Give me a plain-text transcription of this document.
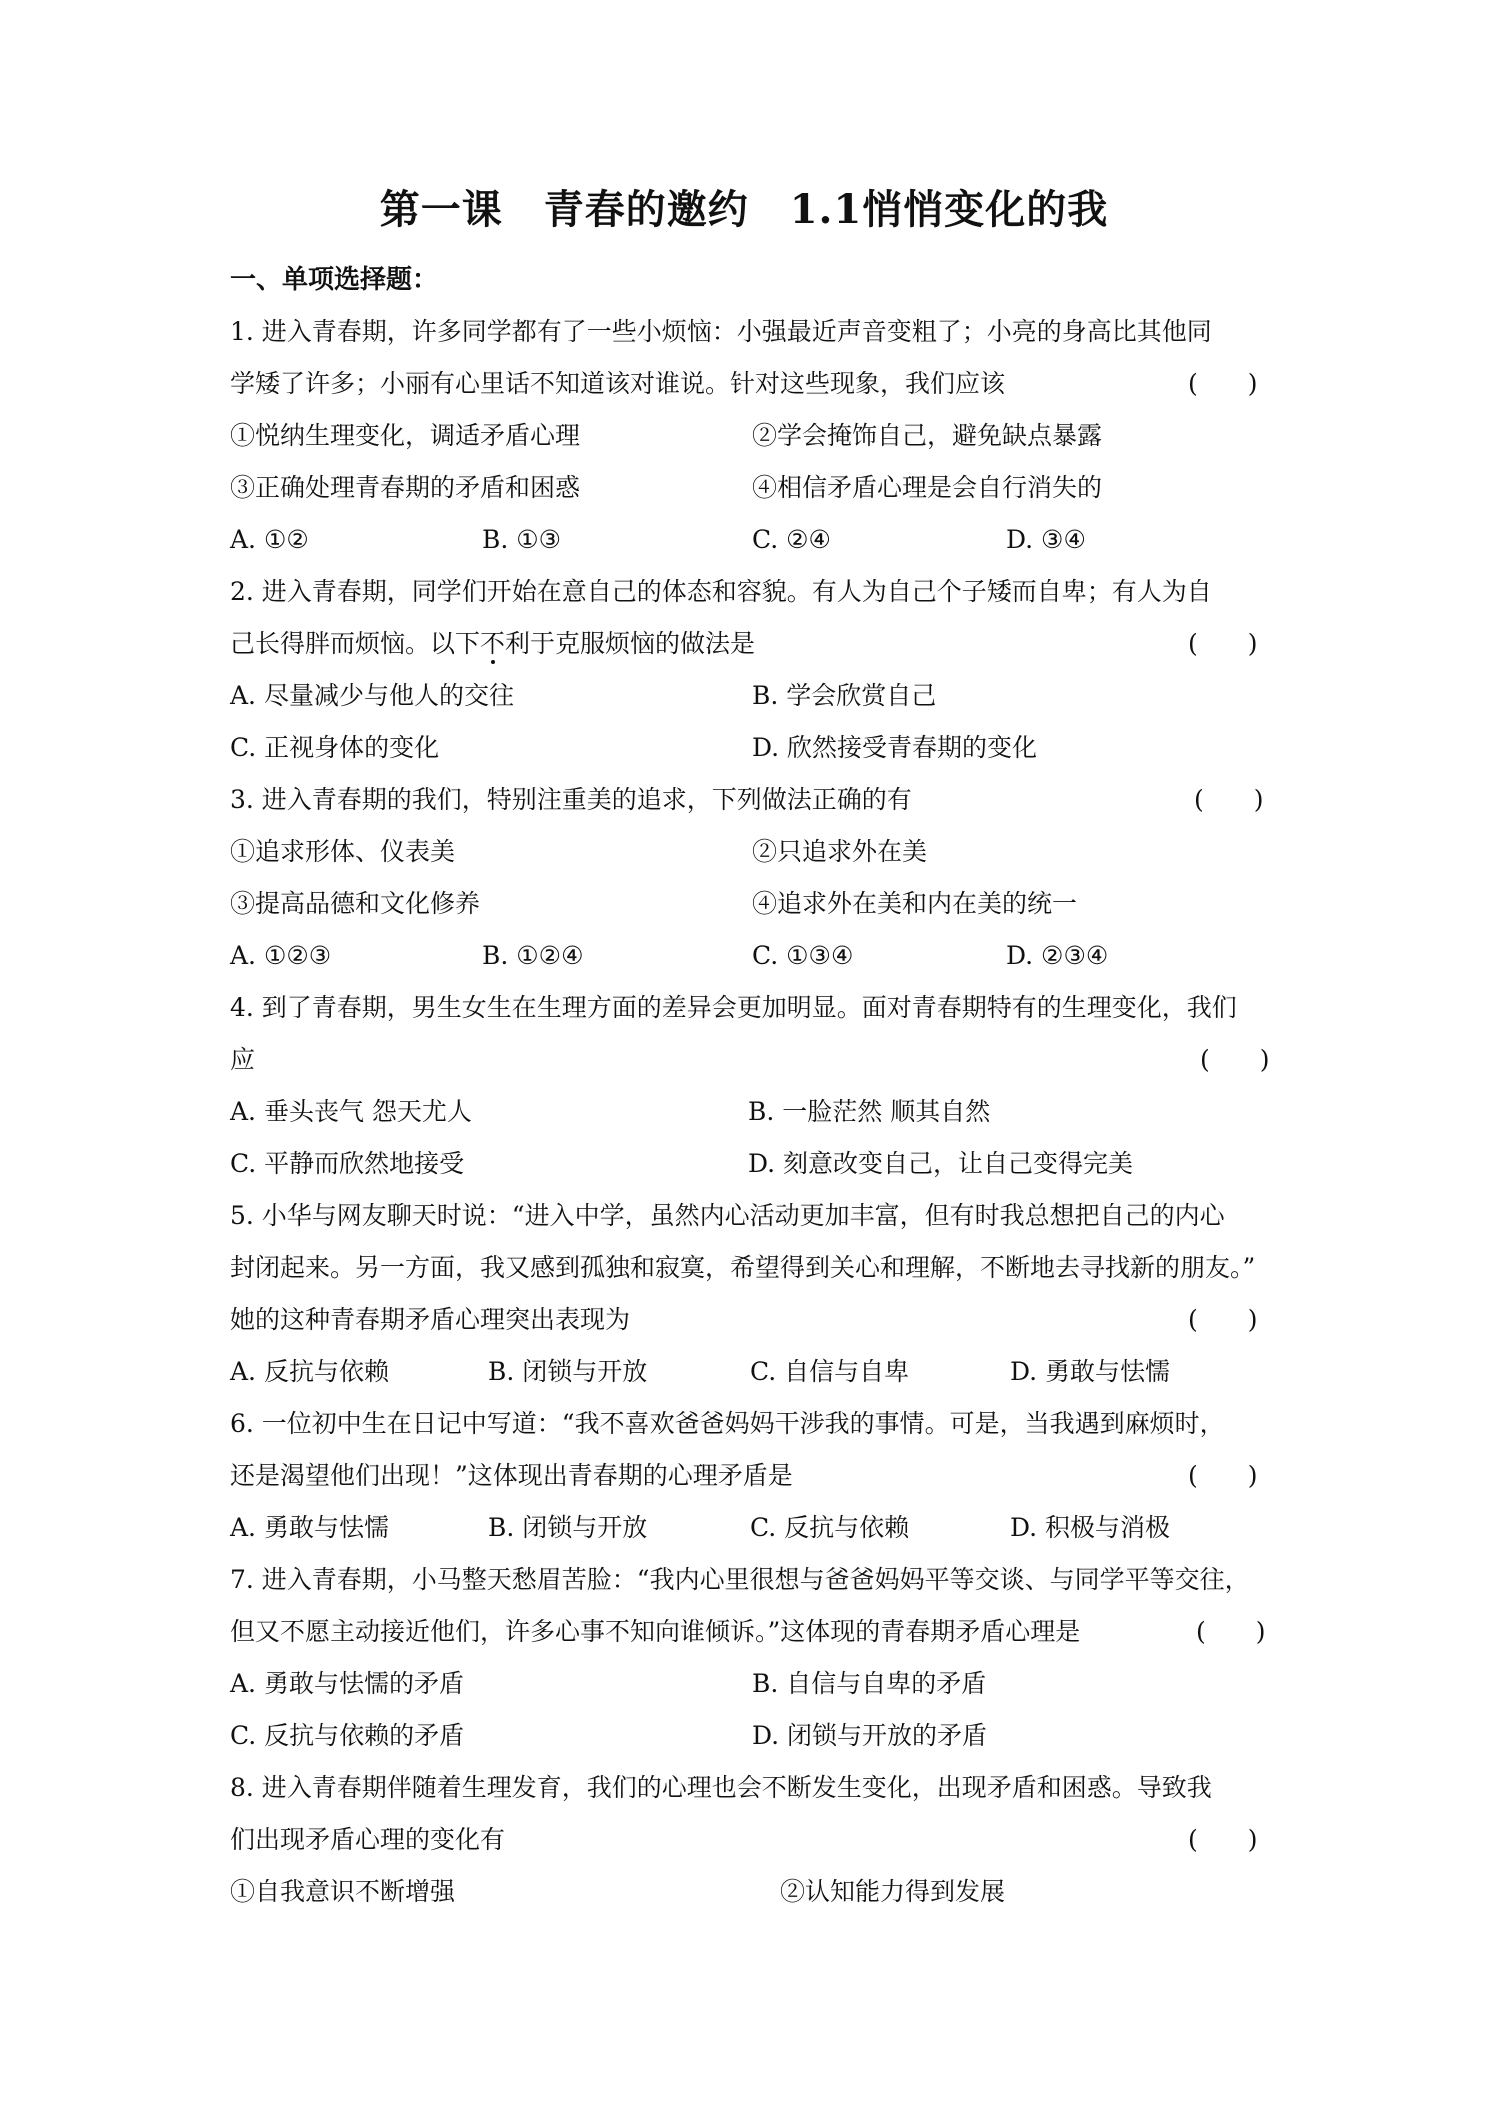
第一课　青春的邀约　1.1悄悄变化的我
一、单项选择题：
1. 进入青春期，许多同学都有了一些小烦恼：小强最近声音变粗了；小亮的身高比其他同
学矮了许多；小丽有心里话不知道该对谁说。针对这些现象，我们应该	(　　)
①悦纳生理变化，调适矛盾心理	②学会掩饰自己，避免缺点暴露
③正确处理青春期的矛盾和困惑	④相信矛盾心理是会自行消失的
A. ①②	B. ①③	C. ②④	D. ③④
2. 进入青春期，同学们开始在意自己的体态和容貌。有人为自己个子矮而自卑；有人为自
己长得胖而烦恼。以下不利于克服烦恼的做法是	(　　)
A. 尽量减少与他人的交往	B. 学会欣赏自己
C. 正视身体的变化	D. 欣然接受青春期的变化
3. 进入青春期的我们，特别注重美的追求，下列做法正确的有	(　　)
①追求形体、仪表美	②只追求外在美
③提高品德和文化修养	④追求外在美和内在美的统一
A. ①②③	B. ①②④	C. ①③④	D. ②③④
4. 到了青春期，男生女生在生理方面的差异会更加明显。面对青春期特有的生理变化，我们
应	(　　)
A. 垂头丧气 怨天尤人	B. 一脸茫然 顺其自然
C. 平静而欣然地接受	D. 刻意改变自己，让自己变得完美
5. 小华与网友聊天时说：“进入中学，虽然内心活动更加丰富，但有时我总想把自己的内心
封闭起来。另一方面，我又感到孤独和寂寞，希望得到关心和理解，不断地去寻找新的朋友。”
她的这种青春期矛盾心理突出表现为	(　　)
A. 反抗与依赖	B. 闭锁与开放	C. 自信与自卑	D. 勇敢与怯懦
6. 一位初中生在日记中写道：“我不喜欢爸爸妈妈干涉我的事情。可是，当我遇到麻烦时，
还是渴望他们出现！”这体现出青春期的心理矛盾是	(　　)
A. 勇敢与怯懦	B. 闭锁与开放	C. 反抗与依赖	D. 积极与消极
7. 进入青春期，小马整天愁眉苦脸：“我内心里很想与爸爸妈妈平等交谈、与同学平等交往，
但又不愿主动接近他们，许多心事不知向谁倾诉。”这体现的青春期矛盾心理是	(　　)
A. 勇敢与怯懦的矛盾	B. 自信与自卑的矛盾
C. 反抗与依赖的矛盾	D. 闭锁与开放的矛盾
8. 进入青春期伴随着生理发育，我们的心理也会不断发生变化，出现矛盾和困惑。导致我
们出现矛盾心理的变化有	(　　)
①自我意识不断增强	②认知能力得到发展
